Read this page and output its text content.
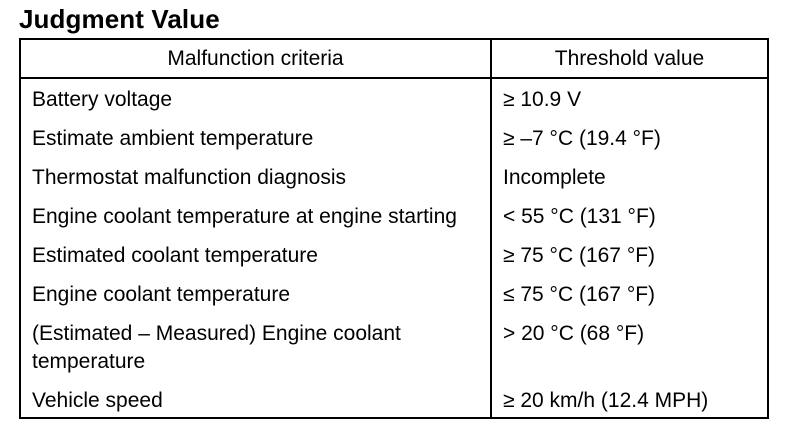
Judgment Value
Malfunction criteria	Threshold value
Battery voltage	≥ 10.9 V
Estimate ambient temperature	≥ –7 °C (19.4 °F)
Thermostat malfunction diagnosis	Incomplete
Engine coolant temperature at engine starting	< 55 °C (131 °F)
Estimated coolant temperature	≥ 75 °C (167 °F)
Engine coolant temperature	≤ 75 °C (167 °F)
(Estimated – Measured) Engine coolant temperature	> 20 °C (68 °F)
Vehicle speed	≥ 20 km/h (12.4 MPH)
